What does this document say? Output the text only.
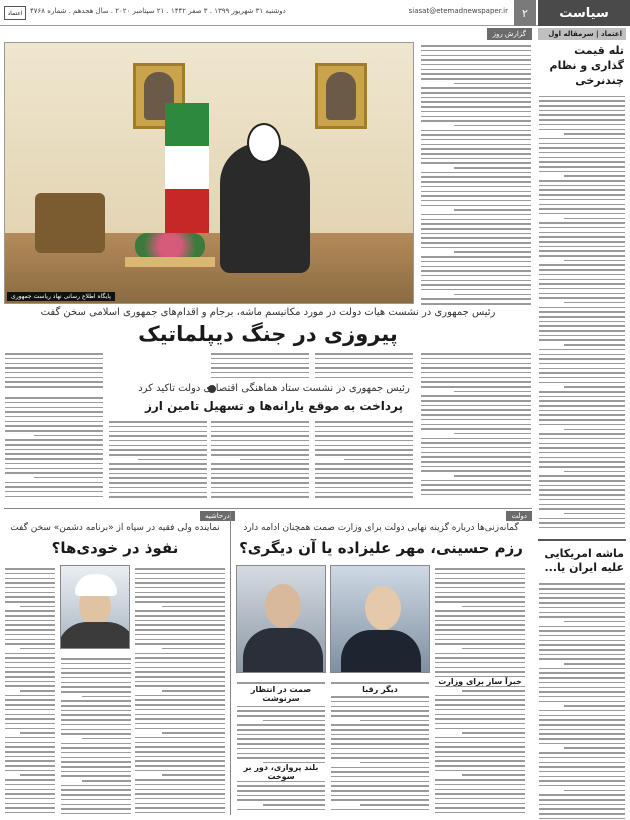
اعتماد	دوشنبه ۳۱ شهریور ۱۳۹۹ . ۳ صفر ۱۴۴۲ . ۲۱ سپتامبر ۲۰۲۰ . سال هجدهم . شماره ۴۷۶۸	siasat@etemadnewspaper.ir	۲	سیاست
اعتماد | سرمقاله اول
تله قیمت گذاری و نظام چندنرخی
ماشه امریکایی علیه ایران یا...
گزارش روز
پایگاه اطلاع رسانی نهاد ریاست جمهوری
رئیس جمهوری در نشست هیات دولت در مورد مکانیسم ماشه، برجام و اقدام‌های جمهوری اسلامی سخن گفت
پیروزی در جنگ دیپلماتیک
رئیس جمهوری در نشست ستاد هماهنگی اقتصادی دولت تاکید کرد
پرداخت به موقع یارانه‌ها و تسهیل تامین ارز
درحاشیه
نماینده ولی فقیه در سپاه از «برنامه دشمن» سخن گفت
نفوذ در خودی‌ها؟
دولت
گمانه‌زنی‌ها درباره گزینه نهایی دولت برای وزارت صمت همچنان ادامه دارد
رزم حسینی، مهر علیزاده یا آن دیگری؟
صمت در انتظار سرنوشت
دیگر رقبا
خبرآ ساز برای وزارت
بلند پروازی، دور بر سوخت
